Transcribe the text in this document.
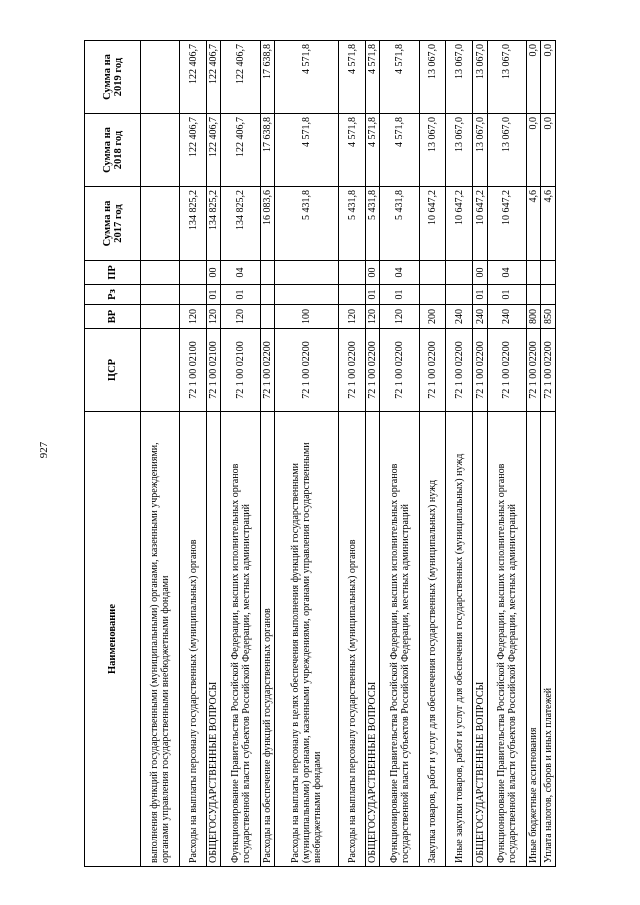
927
Наименование	ЦСР	ВР	Рз	ПР	Сумма на 2017 год	Сумма на 2018 год	Сумма на 2019 год
выполнения функций государственными (муниципальными) органами, казенными учреждениями, органами управления государственными внебюджетными фондами							
Расходы на выплаты персоналу государственных (муниципальных) органов	72 1 00 02100	120			134 825,2	122 406,7	122 406,7
ОБЩЕГОСУДАРСТВЕННЫЕ ВОПРОСЫ	72 1 00 02100	120	01	00	134 825,2	122 406,7	122 406,7
Функционирование Правительства Российской Федерации, высших исполнительных органов государственной власти субъектов Российской Федерации, местных администраций	72 1 00 02100	120	01	04	134 825,2	122 406,7	122 406,7
Расходы на обеспечение функций государственных органов	72 1 00 02200				16 083,6	17 638,8	17 638,8
Расходы на выплаты персоналу в целях обеспечения выполнения функций государственными (муниципальными) органами, казенными учреждениями, органами управления государственными внебюджетными фондами	72 1 00 02200	100			5 431,8	4 571,8	4 571,8
Расходы на выплаты персоналу государственных (муниципальных) органов	72 1 00 02200	120			5 431,8	4 571,8	4 571,8
ОБЩЕГОСУДАРСТВЕННЫЕ ВОПРОСЫ	72 1 00 02200	120	01	00	5 431,8	4 571,8	4 571,8
Функционирование Правительства Российской Федерации, высших исполнительных органов государственной власти субъектов Российской Федерации, местных администраций	72 1 00 02200	120	01	04	5 431,8	4 571,8	4 571,8
Закупка товаров, работ и услуг для обеспечения государственных (муниципальных) нужд	72 1 00 02200	200			10 647,2	13 067,0	13 067,0
Иные закупки товаров, работ и услуг для обеспечения государственных (муниципальных) нужд	72 1 00 02200	240			10 647,2	13 067,0	13 067,0
ОБЩЕГОСУДАРСТВЕННЫЕ ВОПРОСЫ	72 1 00 02200	240	01	00	10 647,2	13 067,0	13 067,0
Функционирование Правительства Российской Федерации, высших исполнительных органов государственной власти субъектов Российской Федерации, местных администраций	72 1 00 02200	240	01	04	10 647,2	13 067,0	13 067,0
Иные бюджетные ассигнования	72 1 00 02200	800			4,6	0,0	0,0
Уплата налогов, сборов и иных платежей	72 1 00 02200	850			4,6	0,0	0,0
